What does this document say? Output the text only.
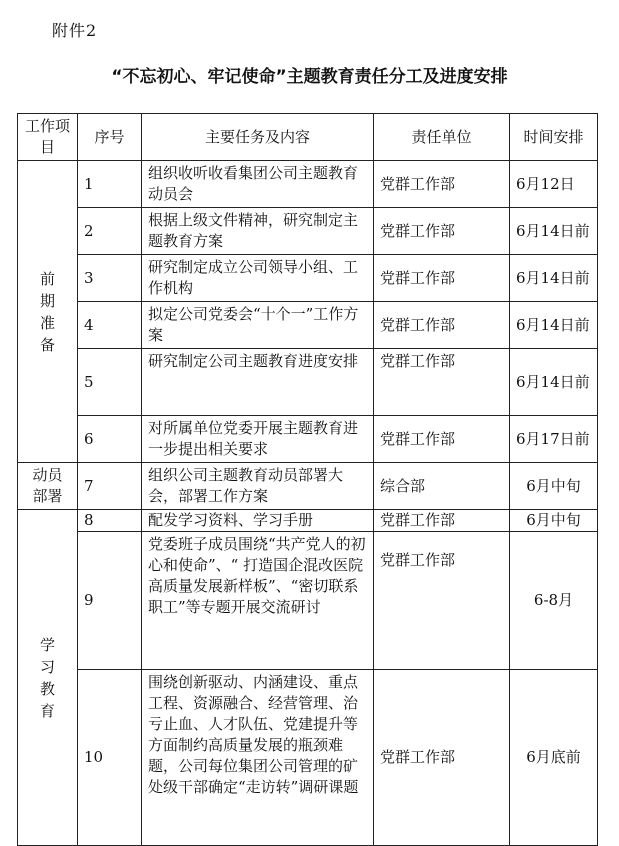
附件2
“不忘初心、牢记使命”主题教育责任分工及进度安排
工作项目	序号	主要任务及内容	责任单位	时间安排
前期准备	1	组织收听收看集团公司主题教育动员会	党群工作部	6月12日
	2	根据上级文件精神，研究制定主题教育方案	党群工作部	6月14日前
	3	研究制定成立公司领导小组、工作机构	党群工作部	6月14日前
	4	拟定公司党委会“十个一”工作方案	党群工作部	6月14日前
	5	研究制定公司主题教育进度安排	党群工作部	6月14日前
	6	对所属单位党委开展主题教育进一步提出相关要求	党群工作部	6月17日前
动员部署	7	组织公司主题教育动员部署大会，部署工作方案	综合部	6月中旬
学习教育	8	配发学习资料、学习手册	党群工作部	6月中旬
	9	党委班子成员围绕“共产党人的初心和使命”、“ 打造国企混改医院高质量发展新样板”、“密切联系职工”等专题开展交流研讨	党群工作部	6-8月
	10	围绕创新驱动、内涵建设、重点工程、资源融合、经营管理、治亏止血、人才队伍、党建提升等方面制约高质量发展的瓶颈难题，公司每位集团公司管理的矿处级干部确定“走访转”调研课题	党群工作部	6月底前
